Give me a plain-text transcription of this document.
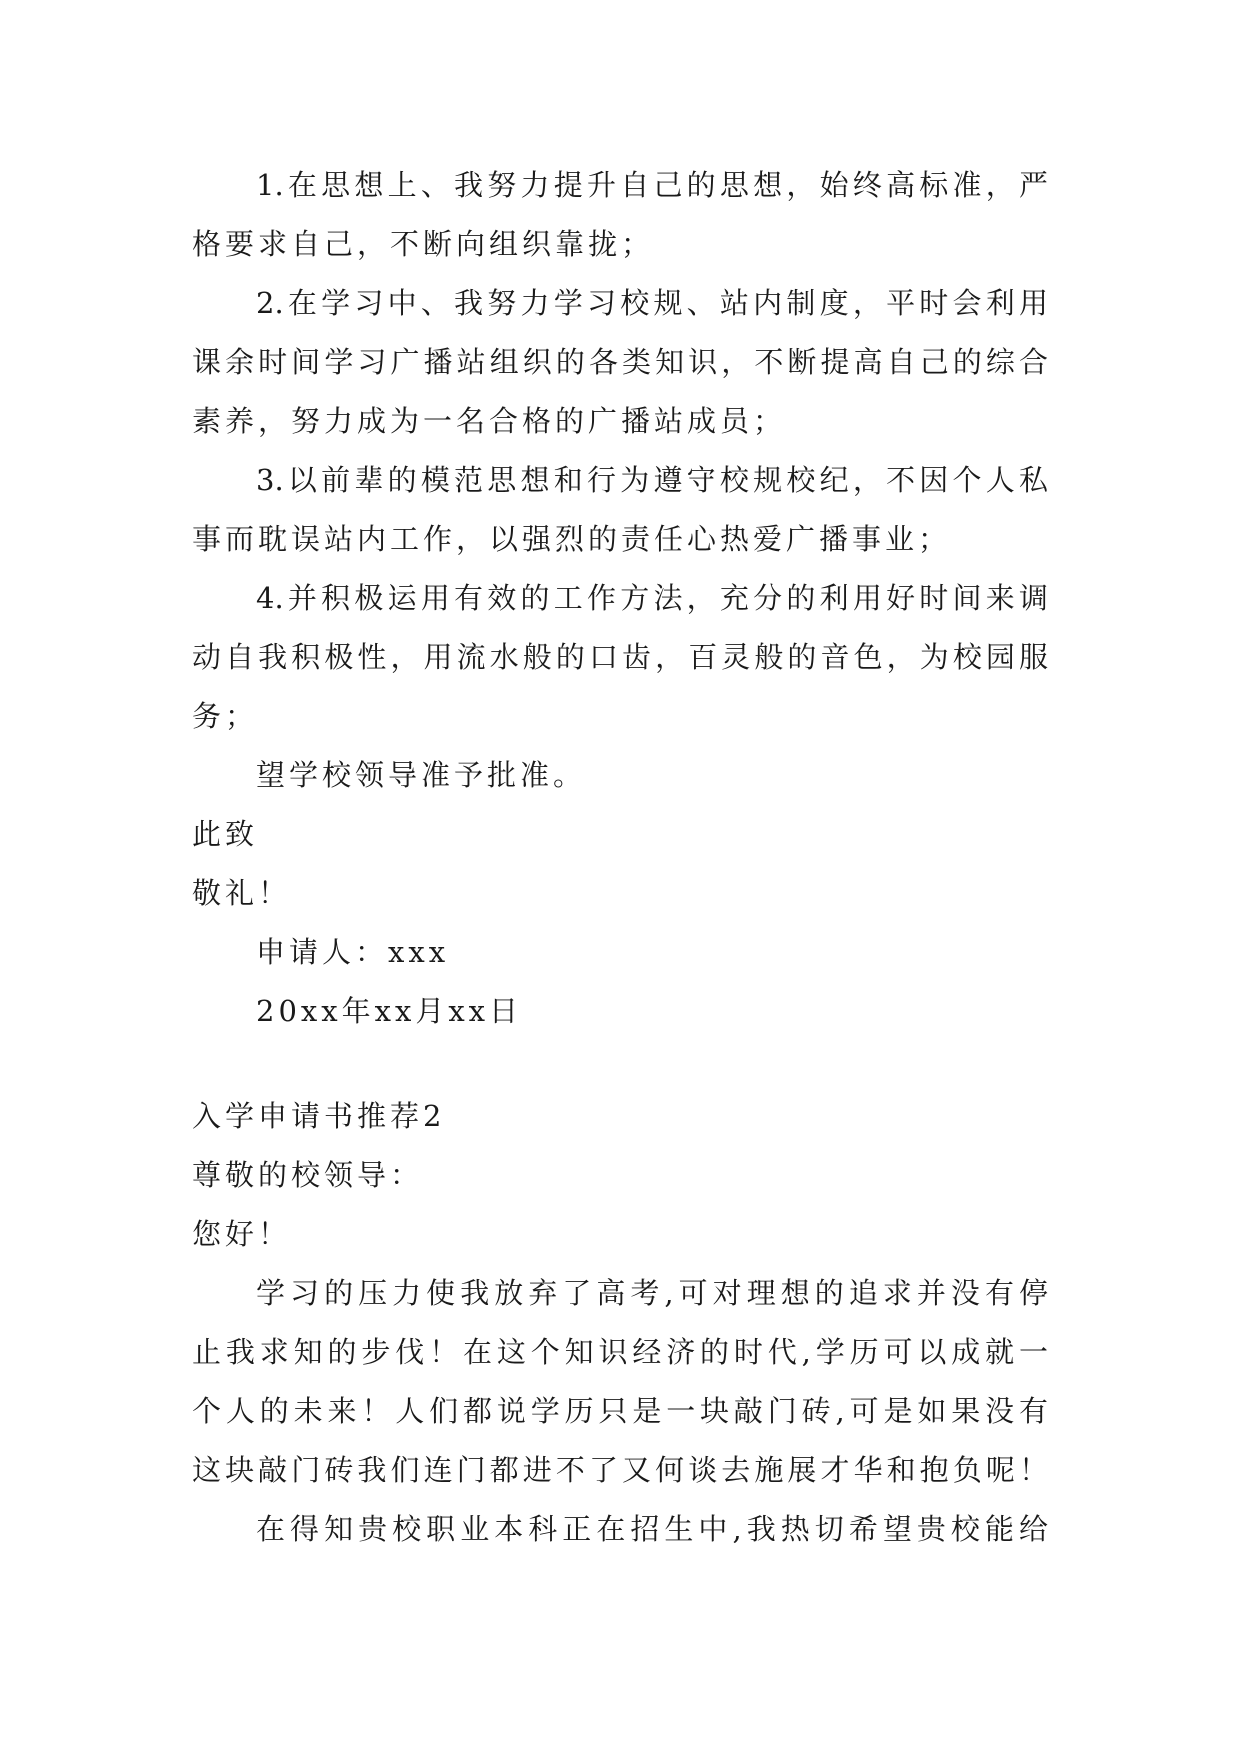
1.在思想上、我努力提升自己的思想，始终高标准，严
格要求自己，不断向组织靠拢；
2.在学习中、我努力学习校规、站内制度，平时会利用
课余时间学习广播站组织的各类知识，不断提高自己的综合
素养，努力成为一名合格的广播站成员；
3.以前辈的模范思想和行为遵守校规校纪，不因个人私
事而耽误站内工作，以强烈的责任心热爱广播事业；
4.并积极运用有效的工作方法，充分的利用好时间来调
动自我积极性，用流水般的口齿，百灵般的音色，为校园服
务；
望学校领导准予批准。
此致
敬礼！
申请人：xxx
20xx年xx月xx日
入学申请书推荐2
尊敬的校领导：
您好！
学习的压力使我放弃了高考,可对理想的追求并没有停
止我求知的步伐！在这个知识经济的时代,学历可以成就一
个人的未来！人们都说学历只是一块敲门砖,可是如果没有
这块敲门砖我们连门都进不了又何谈去施展才华和抱负呢！
在得知贵校职业本科正在招生中,我热切希望贵校能给
